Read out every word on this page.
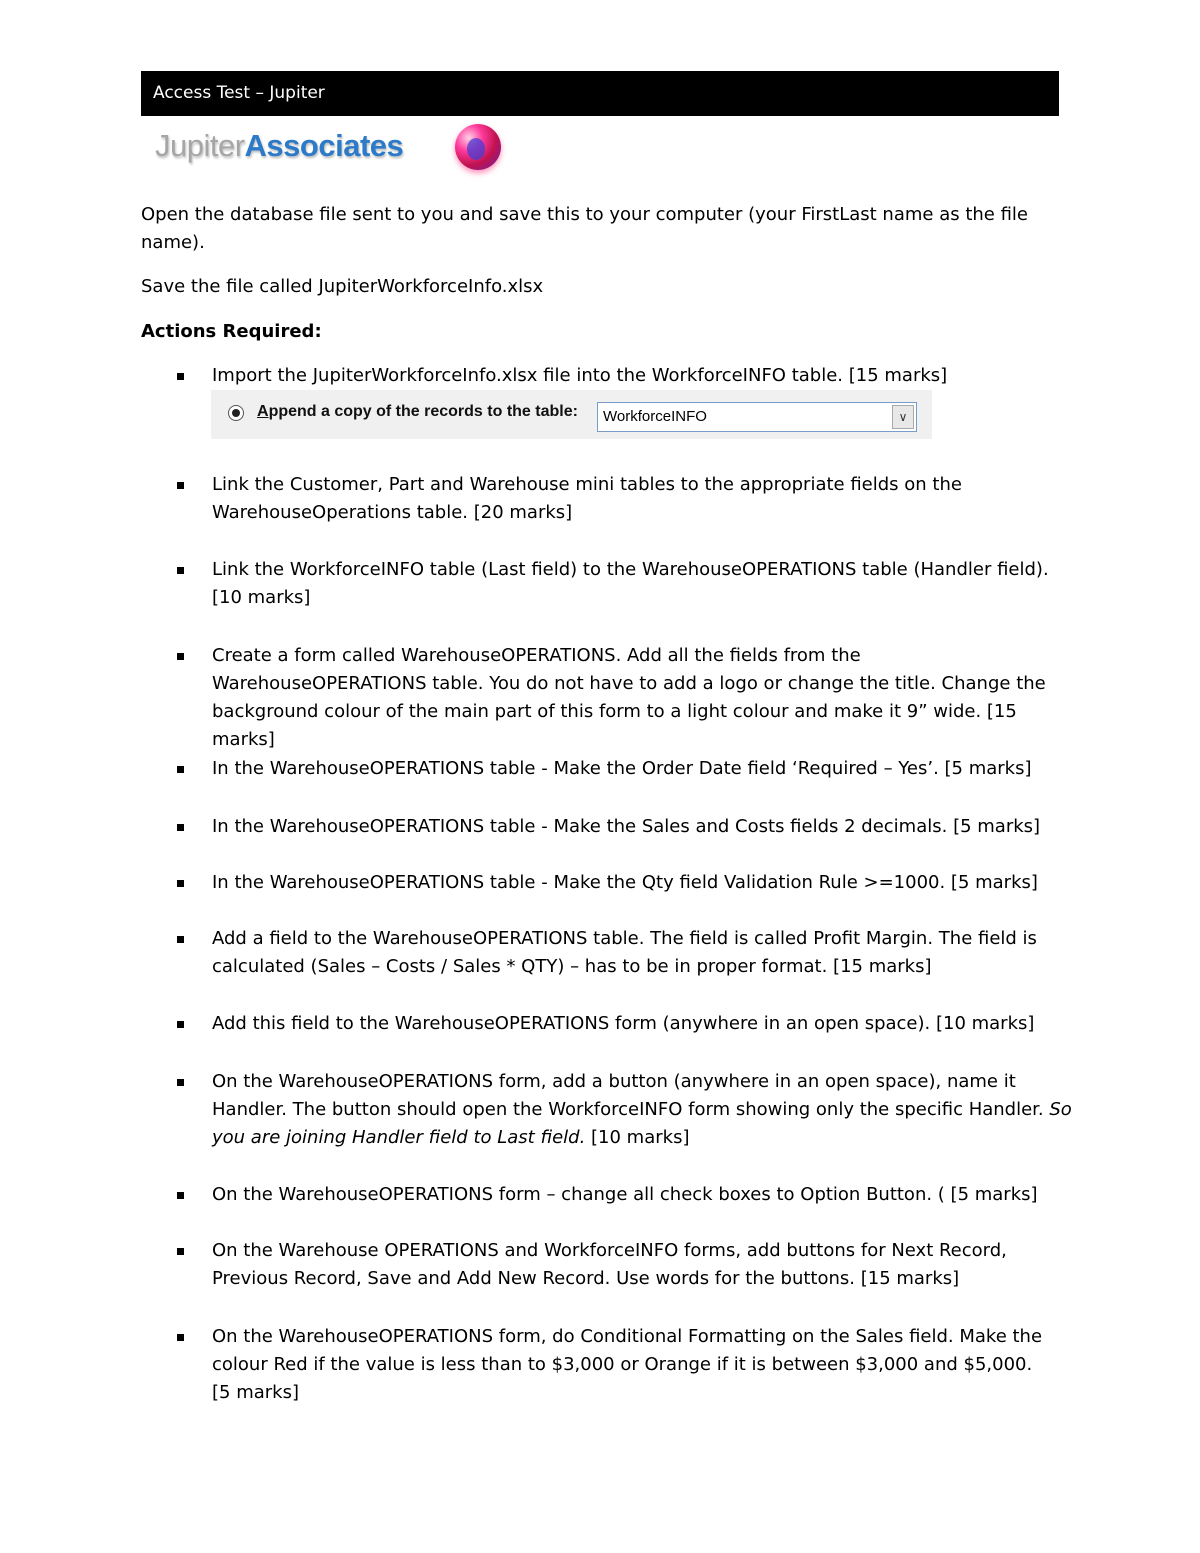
Access Test – Jupiter
JupiterAssociates

Open the database file sent to you and save this to your computer (your FirstLast name as the file name).

Save the file called JupiterWorkforceInfo.xlsx

Actions Required:

Import the JupiterWorkforceInfo.xlsx file into the WorkforceINFO table. [15 marks]
Append a copy of the records to the table: WorkforceINFO	∨
Link the Customer, Part and Warehouse mini tables to the appropriate fields on the WarehouseOperations table. [20 marks]
Link the WorkforceINFO table (Last field) to the WarehouseOPERATIONS table (Handler field). [10 marks]
Create a form called WarehouseOPERATIONS. Add all the fields from the WarehouseOPERATIONS table. You do not have to add a logo or change the title. Change the background colour of the main part of this form to a light colour and make it 9” wide. [15 marks]
In the WarehouseOPERATIONS table - Make the Order Date field ‘Required – Yes’. [5 marks]
In the WarehouseOPERATIONS table - Make the Sales and Costs fields 2 decimals. [5 marks]
In the WarehouseOPERATIONS table - Make the Qty field Validation Rule >=1000. [5 marks]
Add a field to the WarehouseOPERATIONS table. The field is called Profit Margin. The field is calculated (Sales – Costs / Sales * QTY) – has to be in proper format. [15 marks]
Add this field to the WarehouseOPERATIONS form (anywhere in an open space). [10 marks]
On the WarehouseOPERATIONS form, add a button (anywhere in an open space), name it Handler. The button should open the WorkforceINFO form showing only the specific Handler. So you are joining Handler field to Last field. [10 marks]
On the WarehouseOPERATIONS form – change all check boxes to Option Button. ( [5 marks]
On the Warehouse OPERATIONS and WorkforceINFO forms, add buttons for Next Record, Previous Record, Save and Add New Record. Use words for the buttons. [15 marks]
On the WarehouseOPERATIONS form, do Conditional Formatting on the Sales field. Make the colour Red if the value is less than to $3,000 or Orange if it is between $3,000 and $5,000.
[5 marks]
